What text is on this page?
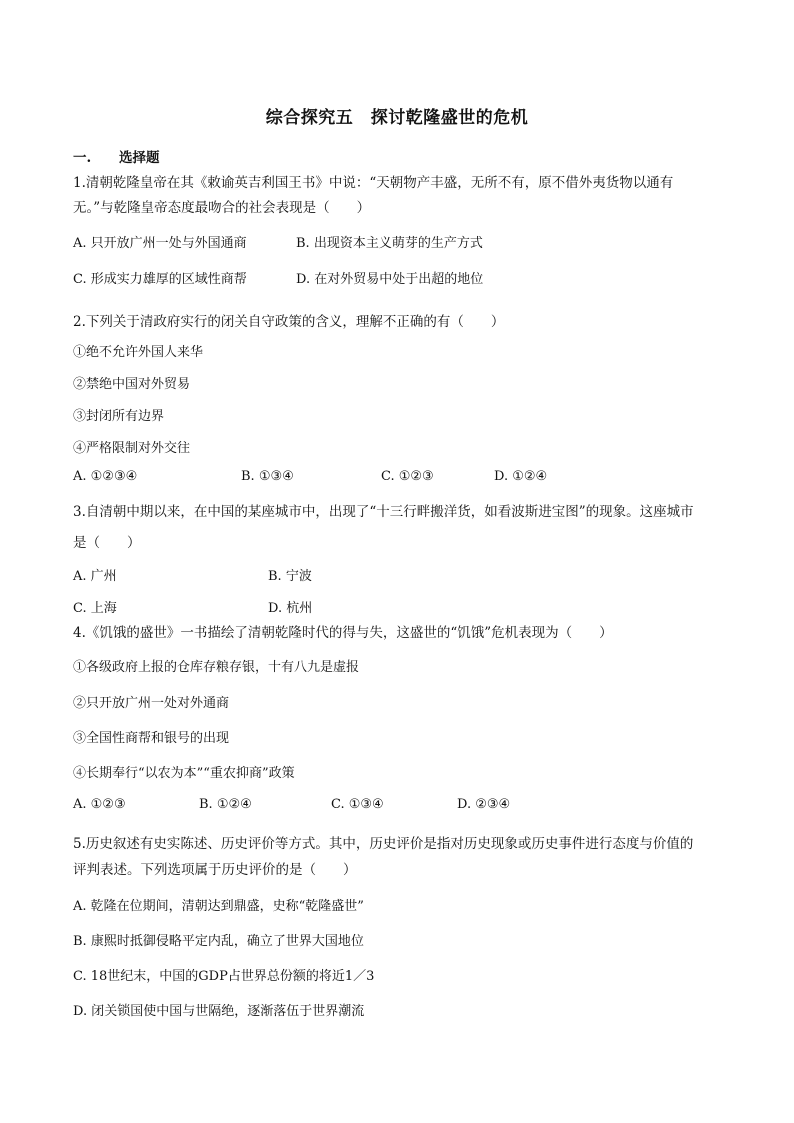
综合探究五　探讨乾隆盛世的危机
一. 选择题
1.清朝乾隆皇帝在其《敕谕英吉利国王书》中说：“天朝物产丰盛，无所不有，原不借外夷货物以通有
无。”与乾隆皇帝态度最吻合的社会表现是（　　）
A. 只开放广州一处与外国通商	B. 出现资本主义萌芽的生产方式
C. 形成实力雄厚的区域性商帮	D. 在对外贸易中处于出超的地位
2.下列关于清政府实行的闭关自守政策的含义，理解不正确的有（　　）
①绝不允许外国人来华
②禁绝中国对外贸易
③封闭所有边界
④严格限制对外交往
A. ①②③④	B. ①③④	C. ①②③	D. ①②④
3.自清朝中期以来，在中国的某座城市中，出现了“十三行畔搬洋货，如看波斯进宝图”的现象。这座城市
是（　　）
A. 广州	B. 宁波
C. 上海	D. 杭州
4.《饥饿的盛世》一书描绘了清朝乾隆时代的得与失，这盛世的“饥饿”危机表现为（　　）
①各级政府上报的仓库存粮存银，十有八九是虚报
②只开放广州一处对外通商
③全国性商帮和银号的出现
④长期奉行“以农为本”“重农抑商”政策
A. ①②③	B. ①②④	C. ①③④	D. ②③④
5.历史叙述有史实陈述、历史评价等方式。其中，历史评价是指对历史现象或历史事件进行态度与价值的
评判表述。下列选项属于历史评价的是（　　）
A. 乾隆在位期间，清朝达到鼎盛，史称“乾隆盛世”
B. 康熙时抵御侵略平定内乱，确立了世界大国地位
C. 18世纪末，中国的GDP占世界总份额的将近1／3
D. 闭关锁国使中国与世隔绝，逐渐落伍于世界潮流
